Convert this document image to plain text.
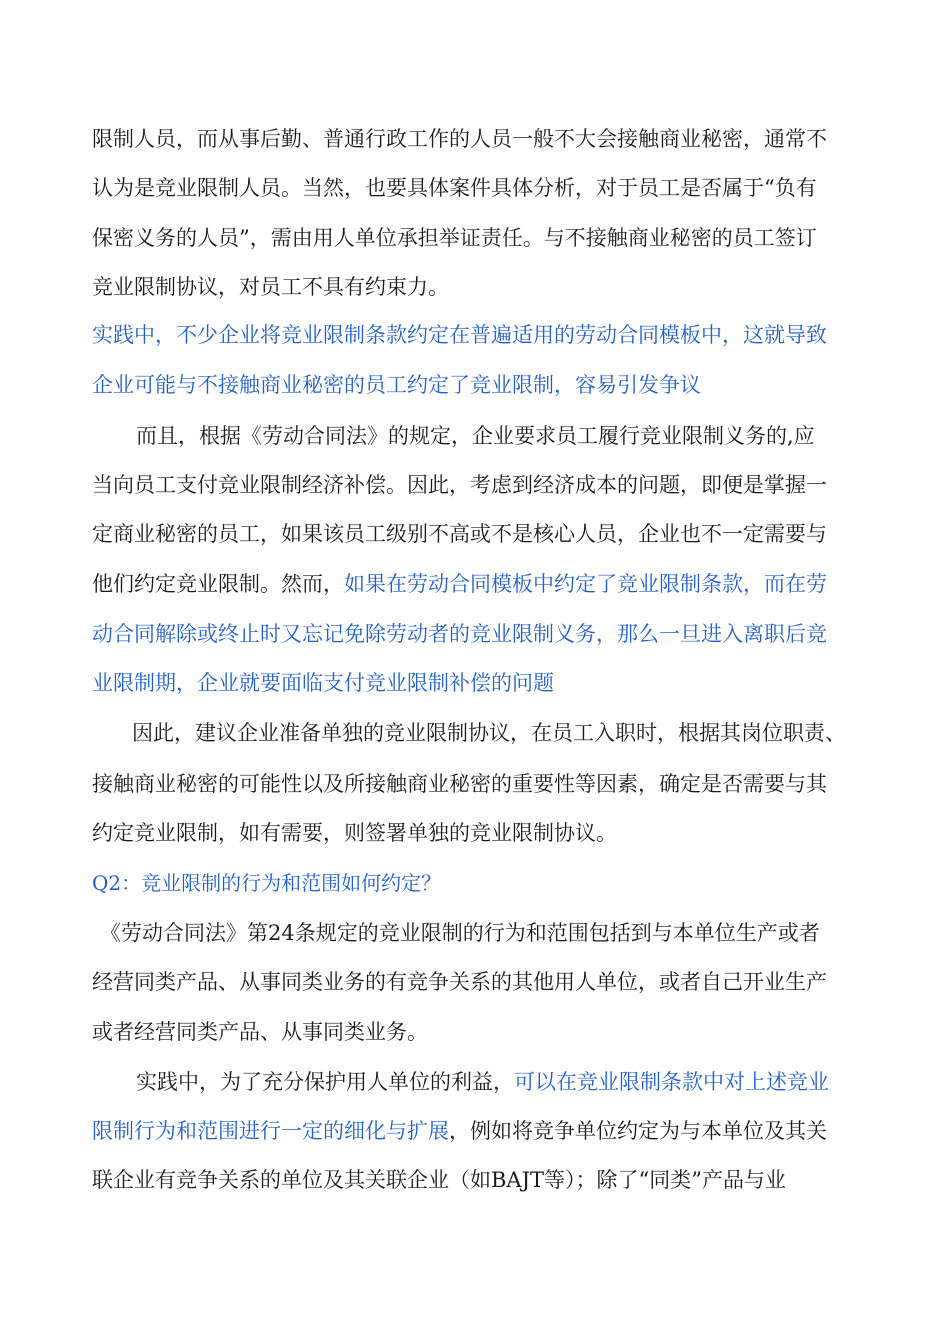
限制人员，而从事后勤、普通行政工作的人员一般不大会接触商业秘密，通常不
认为是竞业限制人员。当然，也要具体案件具体分析，对于员工是否属于“负有
保密义务的人员”，需由用人单位承担举证责任。与不接触商业秘密的员工签订
竞业限制协议，对员工不具有约束力。
实践中，不少企业将竞业限制条款约定在普遍适用的劳动合同模板中，这就导致
企业可能与不接触商业秘密的员工约定了竞业限制，容易引发争议
而且，根据《劳动合同法》的规定，企业要求员工履行竞业限制义务的,应
当向员工支付竞业限制经济补偿。因此，考虑到经济成本的问题，即便是掌握一
定商业秘密的员工，如果该员工级别不高或不是核心人员，企业也不一定需要与
他们约定竞业限制。然而，如果在劳动合同模板中约定了竞业限制条款，而在劳
动合同解除或终止时又忘记免除劳动者的竞业限制义务，那么一旦进入离职后竞
业限制期，企业就要面临支付竞业限制补偿的问题
因此，建议企业准备单独的竞业限制协议，在员工入职时，根据其岗位职责、
接触商业秘密的可能性以及所接触商业秘密的重要性等因素，确定是否需要与其
约定竞业限制，如有需要，则签署单独的竞业限制协议。
Q2：竞业限制的行为和范围如何约定？
《劳动合同法》第24条规定的竞业限制的行为和范围包括到与本单位生产或者
经营同类产品、从事同类业务的有竞争关系的其他用人单位，或者自己开业生产
或者经营同类产品、从事同类业务。
实践中，为了充分保护用人单位的利益，可以在竞业限制条款中对上述竞业
限制行为和范围进行一定的细化与扩展，例如将竞争单位约定为与本单位及其关
联企业有竞争关系的单位及其关联企业（如BAJT等）；除了“同类”产品与业
